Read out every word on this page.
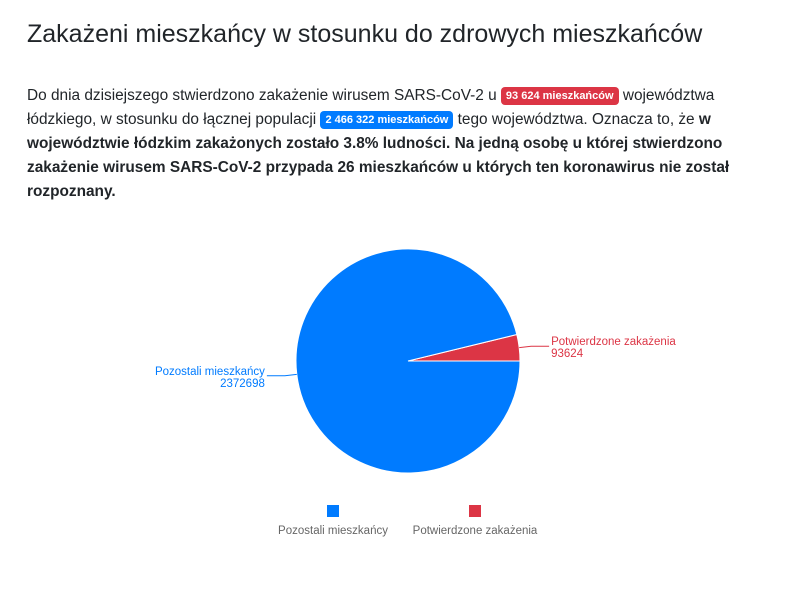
Zakażeni mieszkańcy w stosunku do zdrowych mieszkańców

Do dnia dzisiejszego stwierdzono zakażenie wirusem SARS-CoV-2 u 93 624 mieszkańców województwa łódzkiego, w stosunku do łącznej populacji 2 466 322 mieszkańców tego województwa. Oznacza to, że w województwie łódzkim zakażonych zostało 3.8% ludności. Na jedną osobę u której stwierdzono zakażenie wirusem SARS-CoV-2 przypada 26 mieszkańców u których ten koronawirus nie został rozpoznany.

Potwierdzone zakażenia
93624
Pozostali mieszkańcy
2372698
Pozostali mieszkańcy Potwierdzone zakażenia
